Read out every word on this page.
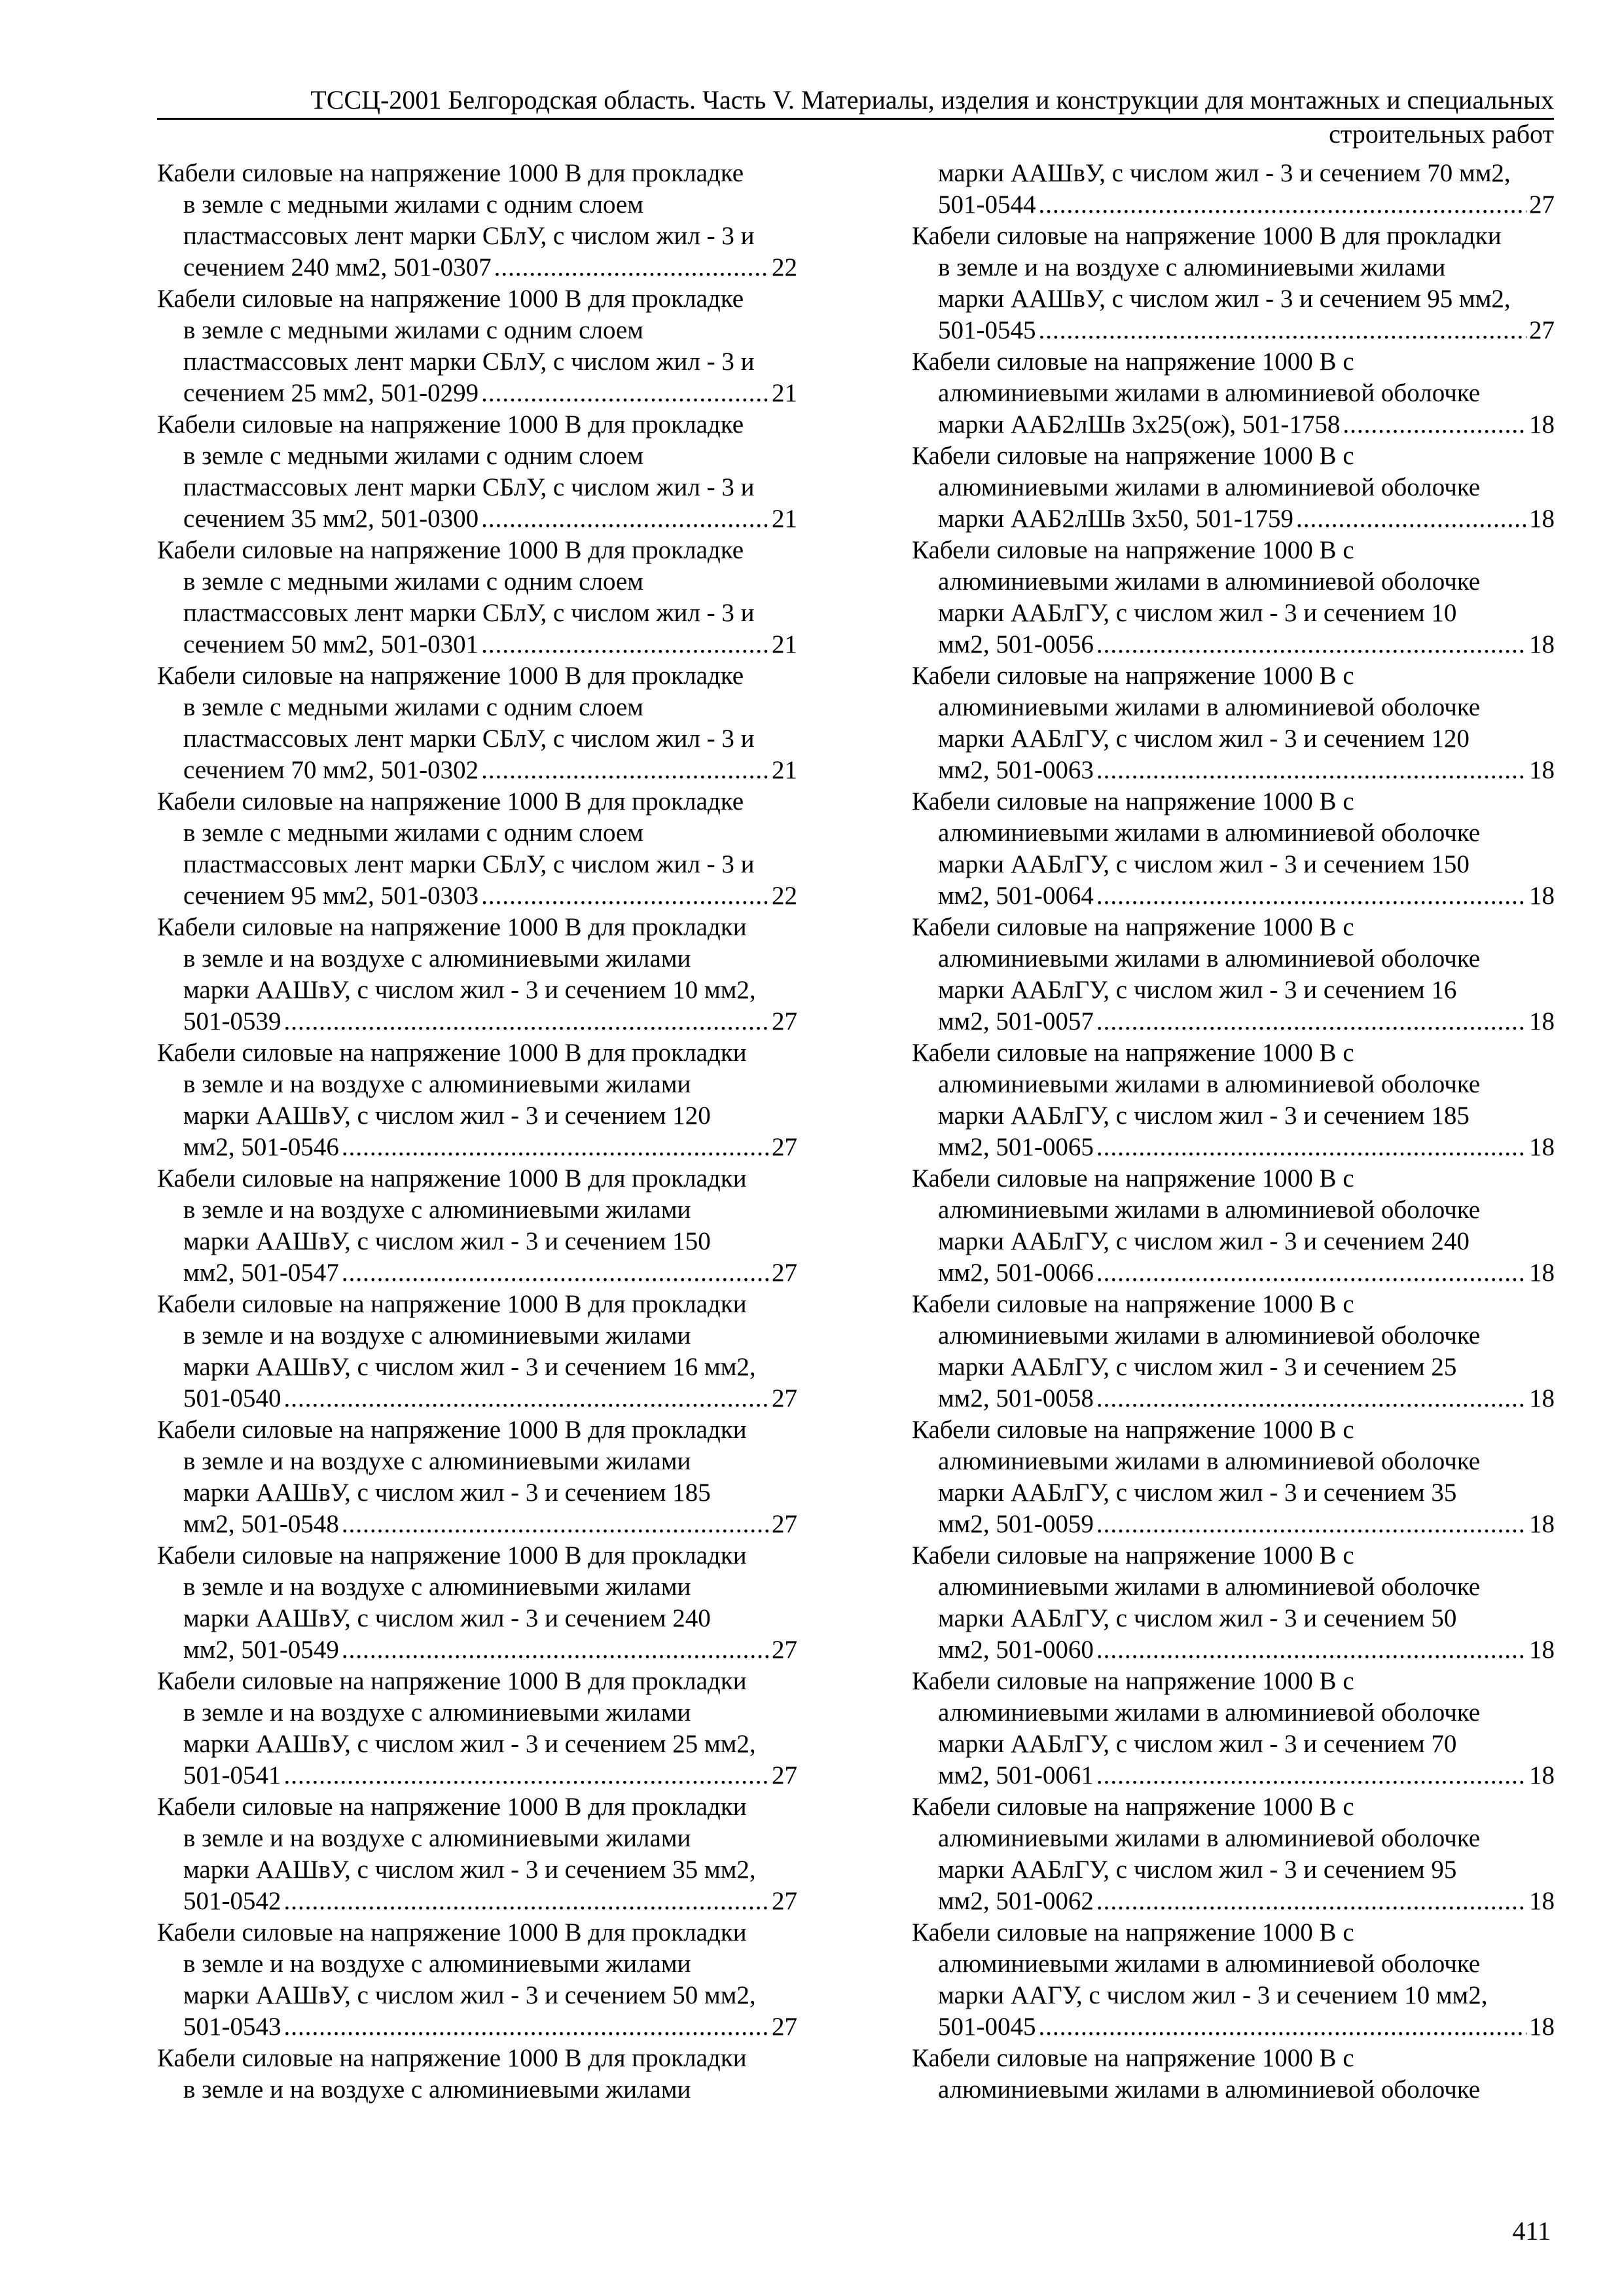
ТССЦ-2001 Белгородская область. Часть V. Материалы, изделия и конструкции для монтажных и специальных
строительных работ
Кабели силовые на напряжение 1000 В для прокладке
в земле с медными жилами с одним слоем
пластмассовых лент марки СБлУ, с числом жил - 3 и
сечением 240 мм2, 501-0307 .....	22
Кабели силовые на напряжение 1000 В для прокладке
в земле с медными жилами с одним слоем
пластмассовых лент марки СБлУ, с числом жил - 3 и
сечением 25 мм2, 501-0299 .....	21
Кабели силовые на напряжение 1000 В для прокладке
в земле с медными жилами с одним слоем
пластмассовых лент марки СБлУ, с числом жил - 3 и
сечением 35 мм2, 501-0300 .....	21
Кабели силовые на напряжение 1000 В для прокладке
в земле с медными жилами с одним слоем
пластмассовых лент марки СБлУ, с числом жил - 3 и
сечением 50 мм2, 501-0301 .....	21
Кабели силовые на напряжение 1000 В для прокладке
в земле с медными жилами с одним слоем
пластмассовых лент марки СБлУ, с числом жил - 3 и
сечением 70 мм2, 501-0302 .....	21
Кабели силовые на напряжение 1000 В для прокладке
в земле с медными жилами с одним слоем
пластмассовых лент марки СБлУ, с числом жил - 3 и
сечением 95 мм2, 501-0303 .....	22
Кабели силовые на напряжение 1000 В для прокладки
в земле и на воздухе с алюминиевыми жилами
марки ААШвУ, с числом жил - 3 и сечением 10 мм2,
501-0539 .....	27
Кабели силовые на напряжение 1000 В для прокладки
в земле и на воздухе с алюминиевыми жилами
марки ААШвУ, с числом жил - 3 и сечением 120
мм2, 501-0546 .....	27
Кабели силовые на напряжение 1000 В для прокладки
в земле и на воздухе с алюминиевыми жилами
марки ААШвУ, с числом жил - 3 и сечением 150
мм2, 501-0547 .....	27
Кабели силовые на напряжение 1000 В для прокладки
в земле и на воздухе с алюминиевыми жилами
марки ААШвУ, с числом жил - 3 и сечением 16 мм2,
501-0540 .....	27
Кабели силовые на напряжение 1000 В для прокладки
в земле и на воздухе с алюминиевыми жилами
марки ААШвУ, с числом жил - 3 и сечением 185
мм2, 501-0548 .....	27
Кабели силовые на напряжение 1000 В для прокладки
в земле и на воздухе с алюминиевыми жилами
марки ААШвУ, с числом жил - 3 и сечением 240
мм2, 501-0549 .....	27
Кабели силовые на напряжение 1000 В для прокладки
в земле и на воздухе с алюминиевыми жилами
марки ААШвУ, с числом жил - 3 и сечением 25 мм2,
501-0541 .....	27
Кабели силовые на напряжение 1000 В для прокладки
в земле и на воздухе с алюминиевыми жилами
марки ААШвУ, с числом жил - 3 и сечением 35 мм2,
501-0542 .....	27
Кабели силовые на напряжение 1000 В для прокладки
в земле и на воздухе с алюминиевыми жилами
марки ААШвУ, с числом жил - 3 и сечением 50 мм2,
501-0543 .....	27
Кабели силовые на напряжение 1000 В для прокладки
в земле и на воздухе с алюминиевыми жилами
марки ААШвУ, с числом жил - 3 и сечением 70 мм2,
501-0544 .....	27
Кабели силовые на напряжение 1000 В для прокладки
в земле и на воздухе с алюминиевыми жилами
марки ААШвУ, с числом жил - 3 и сечением 95 мм2,
501-0545 .....	27
Кабели силовые на напряжение 1000 В с
алюминиевыми жилами в алюминиевой оболочке
марки ААБ2лШв 3х25(ож), 501-1758 .....	18
Кабели силовые на напряжение 1000 В с
алюминиевыми жилами в алюминиевой оболочке
марки ААБ2лШв 3х50, 501-1759 .....	18
Кабели силовые на напряжение 1000 В с
алюминиевыми жилами в алюминиевой оболочке
марки ААБлГУ, с числом жил - 3 и сечением 10
мм2, 501-0056 .....	18
Кабели силовые на напряжение 1000 В с
алюминиевыми жилами в алюминиевой оболочке
марки ААБлГУ, с числом жил - 3 и сечением 120
мм2, 501-0063 .....	18
Кабели силовые на напряжение 1000 В с
алюминиевыми жилами в алюминиевой оболочке
марки ААБлГУ, с числом жил - 3 и сечением 150
мм2, 501-0064 .....	18
Кабели силовые на напряжение 1000 В с
алюминиевыми жилами в алюминиевой оболочке
марки ААБлГУ, с числом жил - 3 и сечением 16
мм2, 501-0057 .....	18
Кабели силовые на напряжение 1000 В с
алюминиевыми жилами в алюминиевой оболочке
марки ААБлГУ, с числом жил - 3 и сечением 185
мм2, 501-0065 .....	18
Кабели силовые на напряжение 1000 В с
алюминиевыми жилами в алюминиевой оболочке
марки ААБлГУ, с числом жил - 3 и сечением 240
мм2, 501-0066 .....	18
Кабели силовые на напряжение 1000 В с
алюминиевыми жилами в алюминиевой оболочке
марки ААБлГУ, с числом жил - 3 и сечением 25
мм2, 501-0058 .....	18
Кабели силовые на напряжение 1000 В с
алюминиевыми жилами в алюминиевой оболочке
марки ААБлГУ, с числом жил - 3 и сечением 35
мм2, 501-0059 .....	18
Кабели силовые на напряжение 1000 В с
алюминиевыми жилами в алюминиевой оболочке
марки ААБлГУ, с числом жил - 3 и сечением 50
мм2, 501-0060 .....	18
Кабели силовые на напряжение 1000 В с
алюминиевыми жилами в алюминиевой оболочке
марки ААБлГУ, с числом жил - 3 и сечением 70
мм2, 501-0061 .....	18
Кабели силовые на напряжение 1000 В с
алюминиевыми жилами в алюминиевой оболочке
марки ААБлГУ, с числом жил - 3 и сечением 95
мм2, 501-0062 .....	18
Кабели силовые на напряжение 1000 В с
алюминиевыми жилами в алюминиевой оболочке
марки ААГУ, с числом жил - 3 и сечением 10 мм2,
501-0045 .....	18
Кабели силовые на напряжение 1000 В с
алюминиевыми жилами в алюминиевой оболочке
411
